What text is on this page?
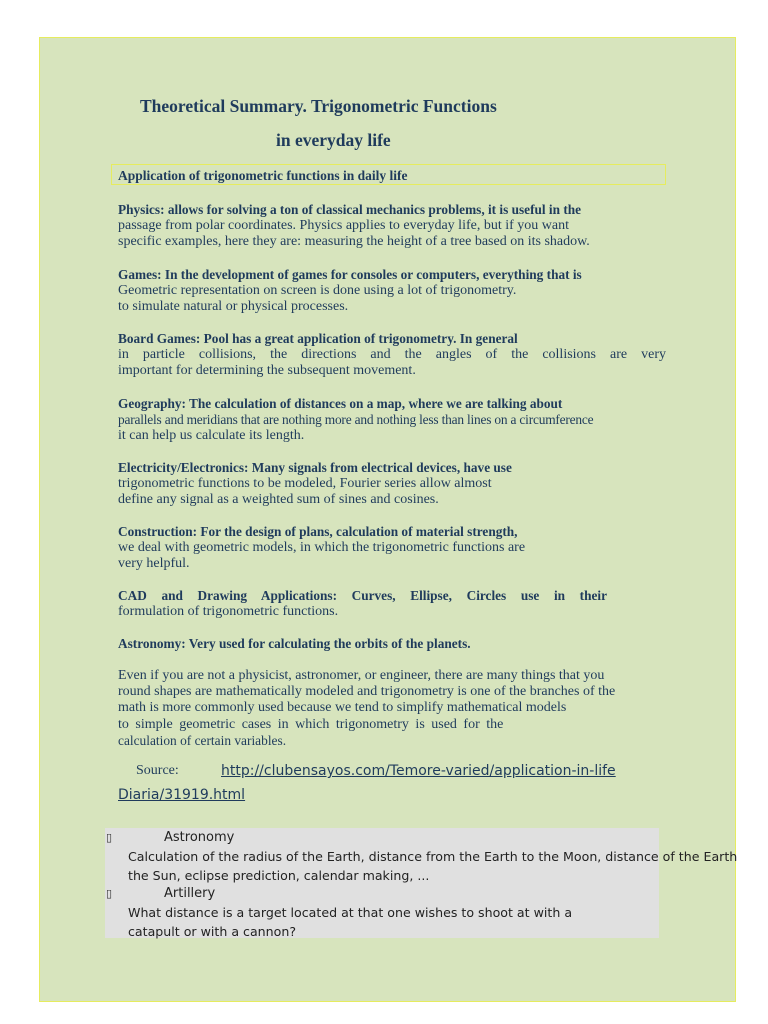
Theoretical Summary. Trigonometric Functions
in everyday life
Application of trigonometric functions in daily life
Physics: allows for solving a ton of classical mechanics problems, it is useful in the
passage from polar coordinates. Physics applies to everyday life, but if you want
specific examples, here they are: measuring the height of a tree based on its shadow.
Games: In the development of games for consoles or computers, everything that is
Geometric representation on screen is done using a lot of trigonometry.
to simulate natural or physical processes.
Board Games: Pool has a great application of trigonometry. In general
in particle collisions, the directions and the angles of the collisions are very
important for determining the subsequent movement.
Geography: The calculation of distances on a map, where we are talking about
parallels and meridians that are nothing more and nothing less than lines on a circumference
it can help us calculate its length.
Electricity/Electronics: Many signals from electrical devices, have use
trigonometric functions to be modeled, Fourier series allow almost
define any signal as a weighted sum of sines and cosines.
Construction: For the design of plans, calculation of material strength,
we deal with geometric models, in which the trigonometric functions are
very helpful.
CAD and Drawing Applications: Curves, Ellipse, Circles use in their
formulation of trigonometric functions.
Astronomy: Very used for calculating the orbits of the planets.
Even if you are not a physicist, astronomer, or engineer, there are many things that you
round shapes are mathematically modeled and trigonometry is one of the branches of the
math is more commonly used because we tend to simplify mathematical models
to simple geometric cases in which trigonometry is used for the
calculation of certain variables.
Source:	http://clubensayos.com/Temore-varied/application-in-life
Diaria/31919.html
▯	Astronomy
Calculation of the radius of the Earth, distance from the Earth to the Moon, distance of the Earth
the Sun, eclipse prediction, calendar making, ...
▯	Artillery
What distance is a target located at that one wishes to shoot at with a
catapult or with a cannon?
